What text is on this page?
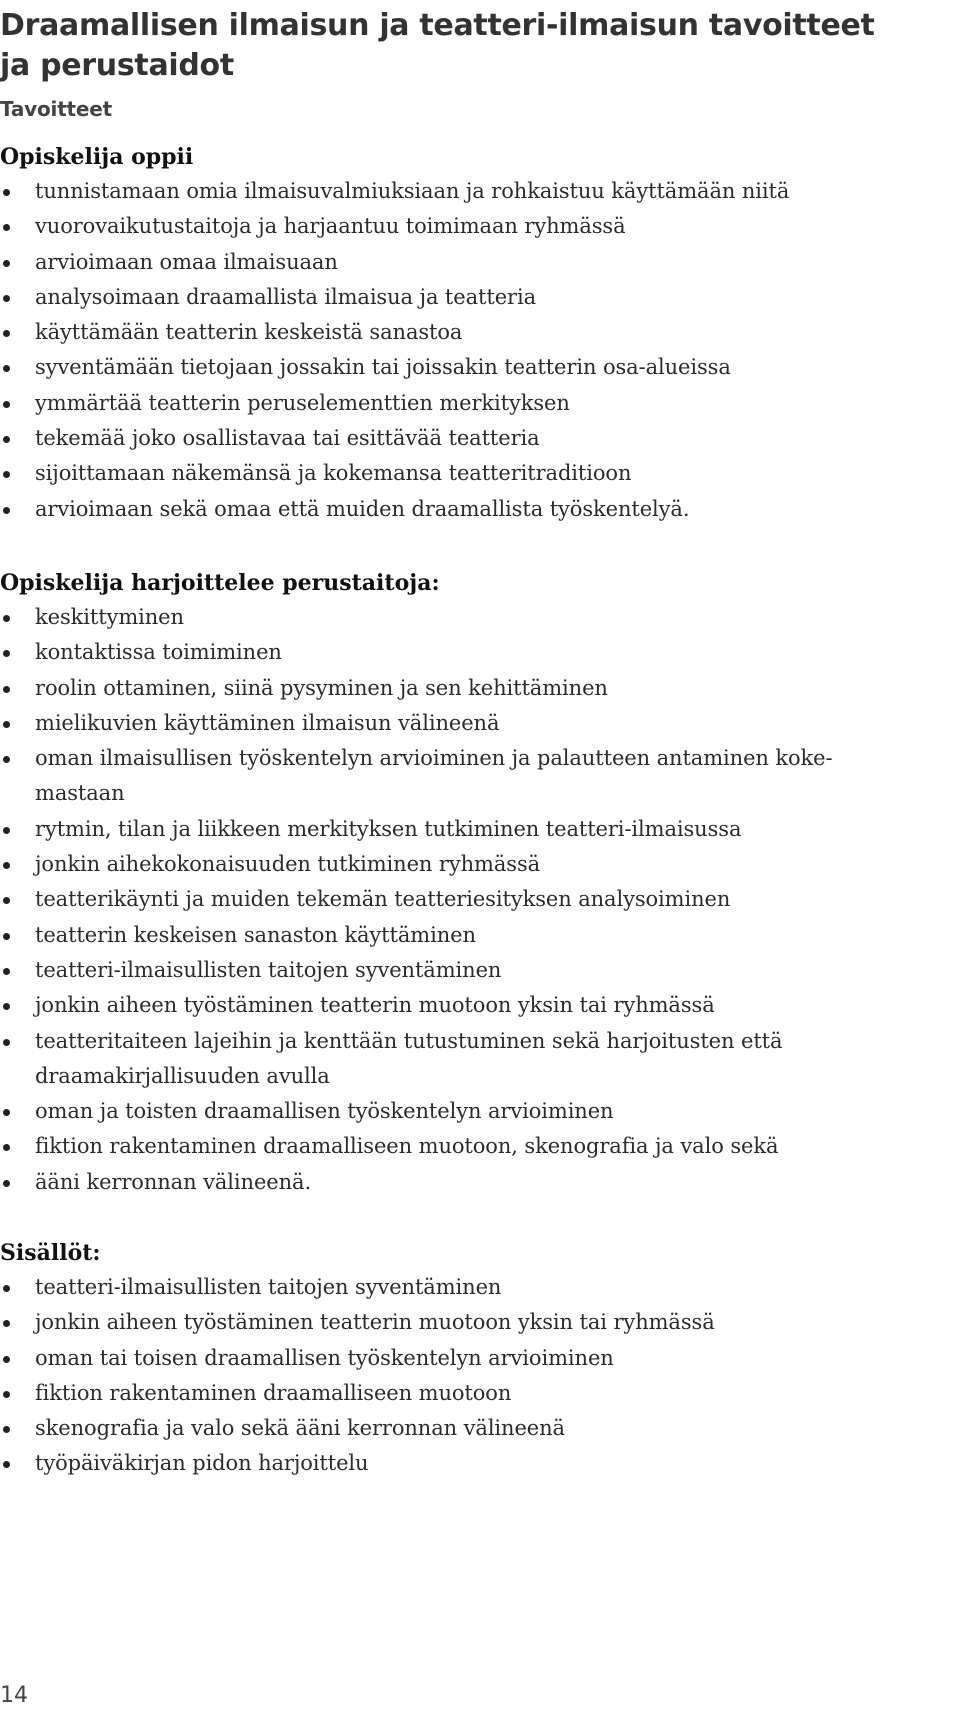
Draamallisen ilmaisun ja teatteri-ilmaisun tavoitteet ja perustaidot
Tavoitteet
Opiskelija oppii
tunnistamaan omia ilmaisuvalmiuksiaan ja rohkaistuu käyttämään niitä
vuorovaikutustaitoja ja harjaantuu toimimaan ryhmässä
arvioimaan omaa ilmaisuaan
analysoimaan draamallista ilmaisua ja teatteria
käyttämään teatterin keskeistä sanastoa
syventämään tietojaan jossakin tai joissakin teatterin osa-alueissa
ymmärtää teatterin peruselementtien merkityksen
tekemää joko osallistavaa tai esittävää teatteria
sijoittamaan näkemänsä ja kokemansa teatteritraditioon
arvioimaan sekä omaa että muiden draamallista työskentelyä.
Opiskelija harjoittelee perustaitoja:
keskittyminen
kontaktissa toimiminen
roolin ottaminen, siinä pysyminen ja sen kehittäminen
mielikuvien käyttäminen ilmaisun välineenä
oman ilmaisullisen työskentelyn arvioiminen ja palautteen antaminen koke-
mastaan
rytmin, tilan ja liikkeen merkityksen tutkiminen teatteri-ilmaisussa
jonkin aihekokonaisuuden tutkiminen ryhmässä
teatterikäynti ja muiden tekemän teatteriesityksen analysoiminen
teatterin keskeisen sanaston käyttäminen
teatteri-ilmaisullisten taitojen syventäminen
jonkin aiheen työstäminen teatterin muotoon yksin tai ryhmässä
teatteritaiteen lajeihin ja kenttään tutustuminen sekä harjoitusten että
draamakirjallisuuden avulla
oman ja toisten draamallisen työskentelyn arvioiminen
fiktion rakentaminen draamalliseen muotoon, skenografia ja valo sekä
ääni kerronnan välineenä.
Sisällöt:
teatteri-ilmaisullisten taitojen syventäminen
jonkin aiheen työstäminen teatterin muotoon yksin tai ryhmässä
oman tai toisen draamallisen työskentelyn arvioiminen
fiktion rakentaminen draamalliseen muotoon
skenografia ja valo sekä ääni kerronnan välineenä
työpäiväkirjan pidon harjoittelu
14
